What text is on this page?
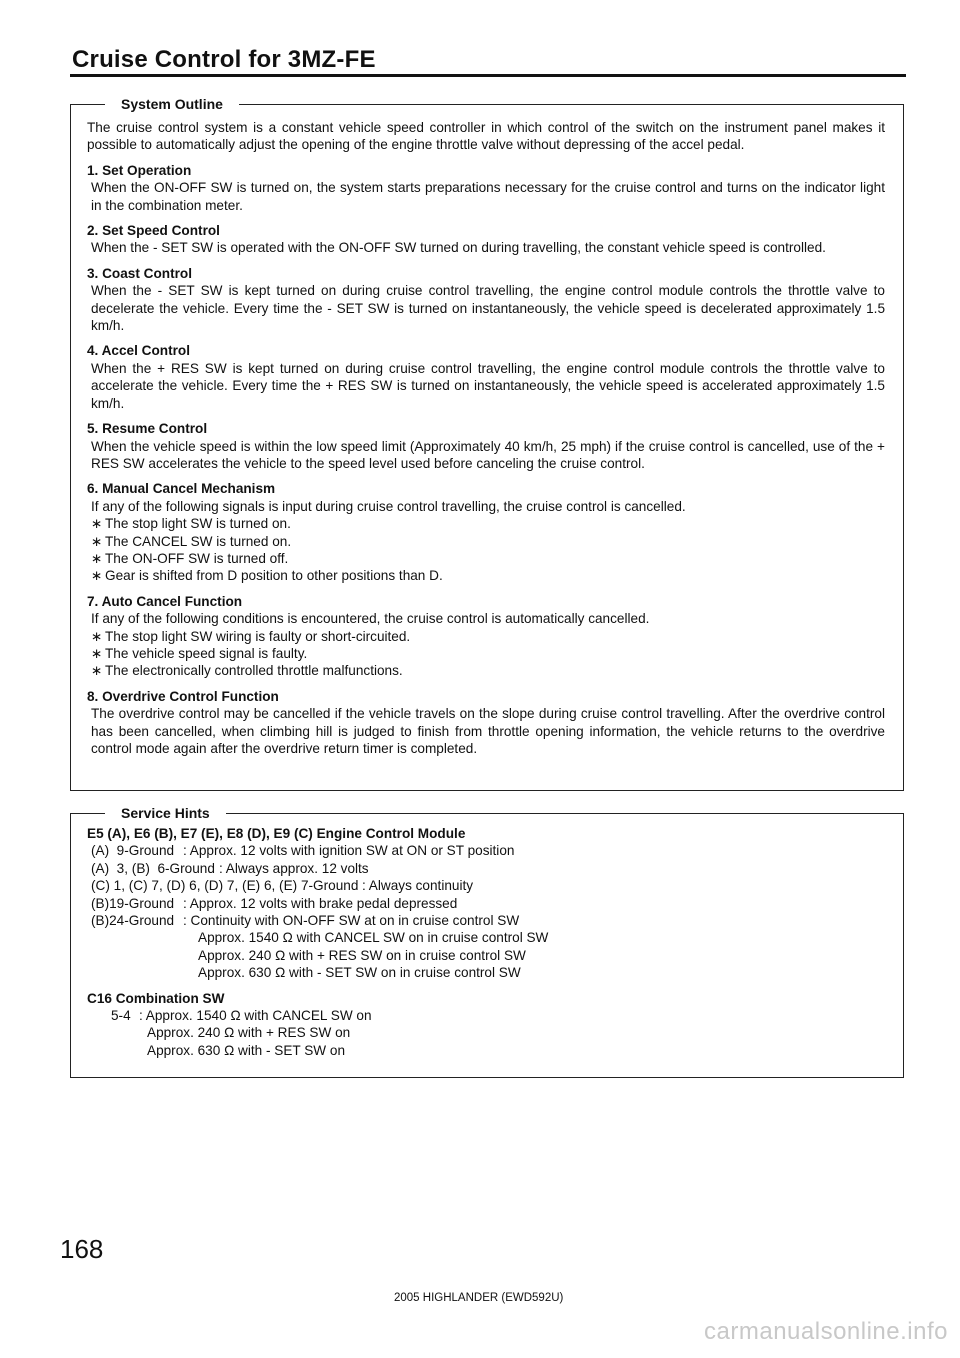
Cruise Control for 3MZ-FE
System Outline

The cruise control system is a constant vehicle speed controller in which control of the switch on the instrument panel makes it possible to automatically adjust the opening of the engine throttle valve without depressing of the accel pedal.

1. Set Operation
When the ON-OFF SW is turned on, the system starts preparations necessary for the cruise control and turns on the indicator light in the combination meter.
2. Set Speed Control
When the - SET SW is operated with the ON-OFF SW turned on during travelling, the constant vehicle speed is controlled.
3. Coast Control
When the - SET SW is kept turned on during cruise control travelling, the engine control module controls the throttle valve to decelerate the vehicle. Every time the - SET SW is turned on instantaneously, the vehicle speed is decelerated approximately 1.5 km/h.
4. Accel Control
When the + RES SW is kept turned on during cruise control travelling, the engine control module controls the throttle valve to accelerate the vehicle. Every time the + RES SW is turned on instantaneously, the vehicle speed is accelerated approximately 1.5 km/h.
5. Resume Control
When the vehicle speed is within the low speed limit (Approximately 40 km/h, 25 mph) if the cruise control is cancelled, use of the + RES SW accelerates the vehicle to the speed level used before canceling the cruise control.
6. Manual Cancel Mechanism
If any of the following signals is input during cruise control travelling, the cruise control is cancelled.
∗ The stop light SW is turned on.
∗ The CANCEL SW is turned on.
∗ The ON-OFF SW is turned off.
∗ Gear is shifted from D position to other positions than D.
7. Auto Cancel Function
If any of the following conditions is encountered, the cruise control is automatically cancelled.
∗ The stop light SW wiring is faulty or short-circuited.
∗ The vehicle speed signal is faulty.
∗ The electronically controlled throttle malfunctions.
8. Overdrive Control Function
The overdrive control may be cancelled if the vehicle travels on the slope during cruise control travelling. After the overdrive control has been cancelled, when climbing hill is judged to finish from throttle opening information, the vehicle returns to the overdrive control mode again after the overdrive return timer is completed.
Service Hints
E5 (A), E6 (B), E7 (E), E8 (D), E9 (C) Engine Control Module
(A)  9-Ground : Approx. 12 volts with ignition SW at ON or ST position
(A)  3, (B)  6-Ground : Always approx. 12 volts
(C) 1, (C) 7, (D) 6, (D) 7, (E) 6, (E) 7-Ground : Always continuity
(B)19-Ground : Approx. 12 volts with brake pedal depressed
(B)24-Ground : Continuity with ON-OFF SW at on in cruise control SW
Approx. 1540 Ω with CANCEL SW on in cruise control SW
Approx. 240 Ω with + RES SW on in cruise control SW
Approx. 630 Ω with - SET SW on in cruise control SW
C16 Combination SW
5-4 : Approx. 1540 Ω with CANCEL SW on
Approx. 240 Ω with + RES SW on
Approx. 630 Ω with - SET SW on
168
2005 HIGHLANDER (EWD592U)
carmanualsonline.info
